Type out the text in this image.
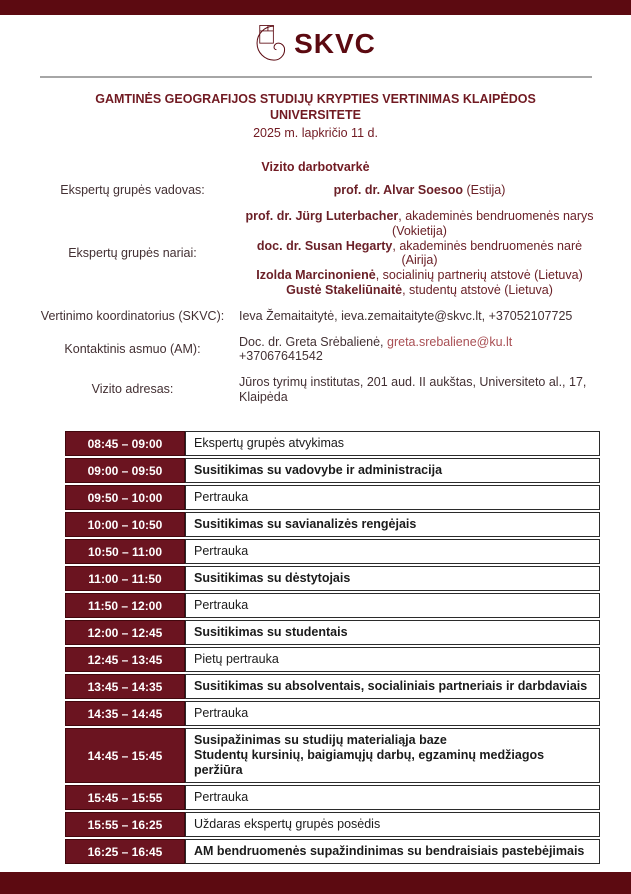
SKVC
GAMTINĖS GEOGRAFIJOS STUDIJŲ KRYPTIES VERTINIMAS KLAIPĖDOS UNIVERSITETE
2025 m. lapkričio 11 d.
Vizito darbotvarkė
Ekspertų grupės vadovas:	prof. dr. Alvar Soesoo (Estija)
Ekspertų grupės nariai:
prof. dr. Jürg Luterbacher, akademinės bendruomenės narys (Vokietija)
doc. dr. Susan Hegarty, akademinės bendruomenės narė (Airija)
Izolda Marcinonienė, socialinių partnerių atstovė (Lietuva)
Gustė Stakeliūnaitė, studentų atstovė (Lietuva)
Vertinimo koordinatorius (SKVC):	Ieva Žemaitaitytė, ieva.zemaitaityte@skvc.lt, +37052107725
Kontaktinis asmuo (AM):
Doc. dr. Greta Srėbalienė, greta.srebaliene@ku.lt
+37067641542
Vizito adresas:
Jūros tyrimų institutas, 201 aud. II aukštas, Universiteto al., 17, Klaipėda
08:45 – 09:00	Ekspertų grupės atvykimas
09:00 – 09:50	Susitikimas su vadovybe ir administracija
09:50 – 10:00	Pertrauka
10:00 – 10:50	Susitikimas su savianalizės rengėjais
10:50 – 11:00	Pertrauka
11:00 – 11:50	Susitikimas su dėstytojais
11:50 – 12:00	Pertrauka
12:00 – 12:45	Susitikimas su studentais
12:45 – 13:45	Pietų pertrauka
13:45 – 14:35	Susitikimas su absolventais, socialiniais partneriais ir darbdaviais
14:35 – 14:45	Pertrauka
14:45 – 15:45
Susipažinimas su studijų materialiąja baze
Studentų kursinių, baigiamųjų darbų, egzaminų medžiagos peržiūra
15:45 – 15:55	Pertrauka
15:55 – 16:25	Uždaras ekspertų grupės posėdis
16:25 – 16:45	AM bendruomenės supažindinimas su bendraisiais pastebėjimais
